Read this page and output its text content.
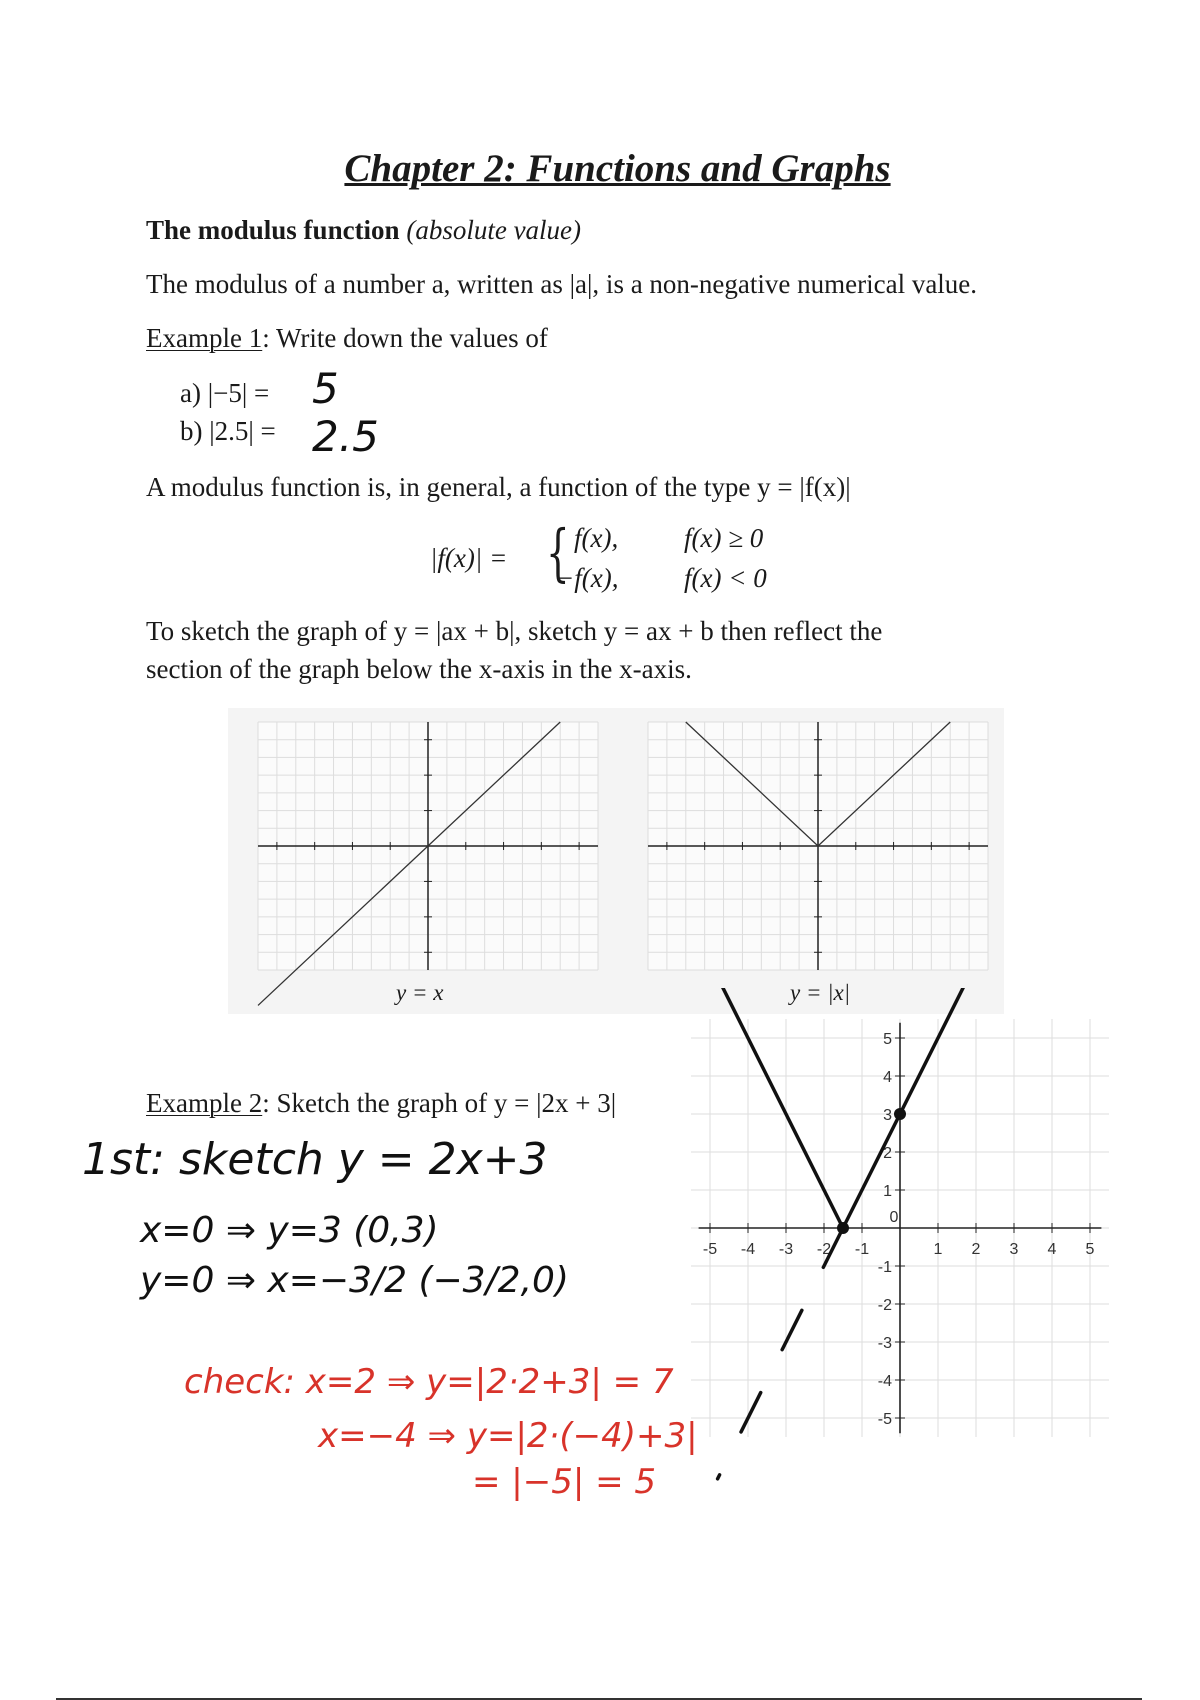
Chapter 2: Functions and Graphs
The modulus function (absolute value)
The modulus of a number a, written as |a|, is a non-negative numerical value.
Example 1: Write down the values of
a) |−5| = 5
b) |2.5| = 2.5
A modulus function is, in general, a function of the type y = |f(x)|
|f(x)| = { f(x), f(x) ≥ 0
−f(x), f(x) < 0
To sketch the graph of y = |ax + b|, sketch y = ax + b then reflect the
section of the graph below the x-axis in the x-axis.
y = x	y = |x|
Example 2: Sketch the graph of y = |2x + 3|
1st: sketch y = 2x+3
x=0 ⇒ y=3 (0,3)
y=0 ⇒ x=−3/2 (−3/2,0)
check: x=2 ⇒ y=|2·2+3| = 7
x=−4 ⇒ y=|2·(−4)+3|
= |−5| = 5
-5 -4 -3 -2 -1
0
1 2 3 4 5
-5
-4
-3
-2
-1
1
2
3
4
5
